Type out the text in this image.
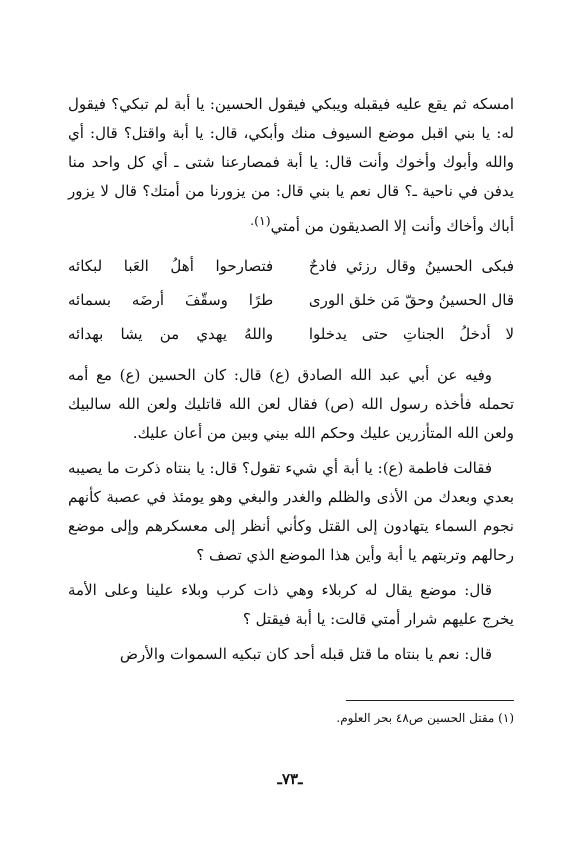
امسكه ثم يقع عليه فيقبله ويبكي فيقول الحسين: يا أبة لم تبكي؟ فيقول له: يا بني اقبل موضع السيوف منك وأبكي، قال: يا أبة واقتل؟ قال: أي والله وأبوك وأخوك وأنت قال: يا أبة فمصارعنا شتى ـ أي كل واحد منا يدفن في ناحية ـ؟ قال نعم يا بني قال: من يزورنا من أمتك؟ قال لا يزور أباك وأخاك وأنت إلا الصديقون من أمتي$^{(١).}$

فبكى الحسينُ وقال رزئي فادحٌ
فتصارحوا أهلُ العَبا لبكائه
قال الحسينُ وحقّ مَن خلق الورى
طرًا وسقّفَ أرضَه بسمائه
لا أدخلُ الجناتِ حتى يدخلوا
واللهُ يهدي من يشا بهدائه

وفيه عن أبي عبد الله الصادق (ع) قال: كان الحسين (ع) مع أمه تحمله فأخذه رسول الله (ص) فقال لعن الله قاتليك ولعن الله سالبيك ولعن الله المتأزرين عليك وحكم الله بيني وبين من أعان عليك.

فقالت فاطمة (ع): يا أبة أي شيء تقول؟ قال: يا بنتاه ذكرت ما يصيبه بعدي وبعدك من الأذى والظلم والغدر والبغي وهو يومئذ في عصبة كأنهم نجوم السماء يتهادون إلى القتل وكأني أنظر إلى معسكرهم وإلى موضع رحالهم وتربتهم يا أبة وأين هذا الموضع الذي تصف ؟

قال: موضع يقال له كربلاء وهي ذات كرب وبلاء علينا وعلى الأمة يخرج عليهم شرار أمتي قالت: يا أبة فيقتل ؟

قال: نعم يا بنتاه ما قتل قبله أحد كان تبكيه السموات والأرض

(١) مقتل الحسين ص٤٨ بحر العلوم.
ـ٧٣ـ
